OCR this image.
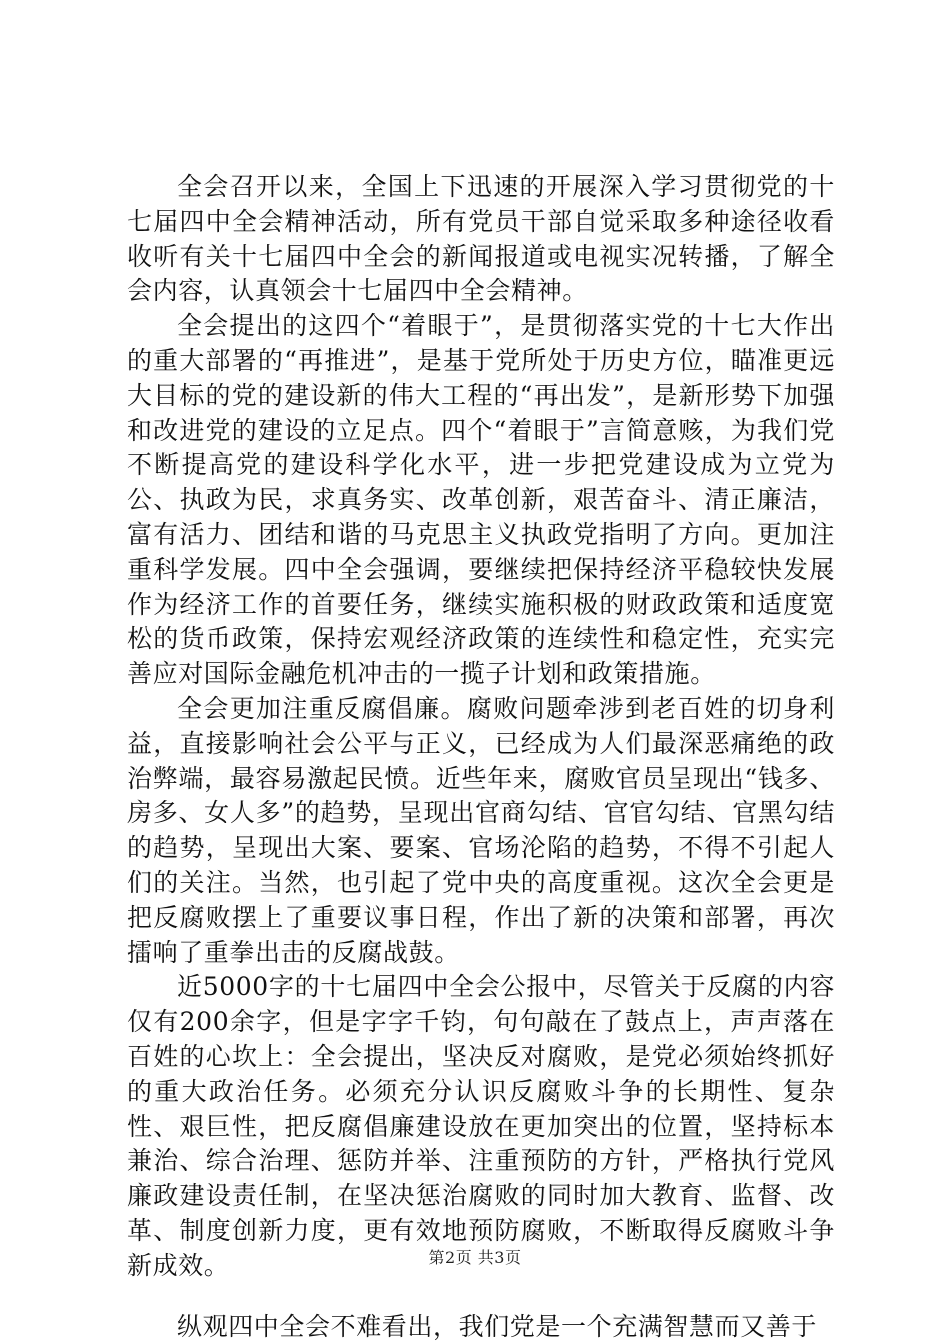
全会召开以来，全国上下迅速的开展深入学习贯彻党的十七届四中全会精神活动，所有党员干部自觉采取多种途径收看收听有关十七届四中全会的新闻报道或电视实况转播，了解全会内容，认真领会十七届四中全会精神。

全会提出的这四个“着眼于”，是贯彻落实党的十七大作出的重大部署的“再推进”，是基于党所处于历史方位，瞄准更远大目标的党的建设新的伟大工程的“再出发”，是新形势下加强和改进党的建设的立足点。四个“着眼于”言简意赅，为我们党不断提高党的建设科学化水平，进一步把党建设成为立党为公、执政为民，求真务实、改革创新，艰苦奋斗、清正廉洁，富有活力、团结和谐的马克思主义执政党指明了方向。更加注重科学发展。四中全会强调，要继续把保持经济平稳较快发展作为经济工作的首要任务，继续实施积极的财政政策和适度宽松的货币政策，保持宏观经济政策的连续性和稳定性，充实完善应对国际金融危机冲击的一揽子计划和政策措施。

全会更加注重反腐倡廉。腐败问题牵涉到老百姓的切身利益，直接影响社会公平与正义，已经成为人们最深恶痛绝的政治弊端，最容易激起民愤。近些年来，腐败官员呈现出“钱多、房多、女人多”的趋势，呈现出官商勾结、官官勾结、官黑勾结的趋势，呈现出大案、要案、官场沦陷的趋势，不得不引起人们的关注。当然，也引起了党中央的高度重视。这次全会更是把反腐败摆上了重要议事日程，作出了新的决策和部署，再次擂响了重拳出击的反腐战鼓。

近5000字的十七届四中全会公报中，尽管关于反腐的内容仅有200余字，但是字字千钧，句句敲在了鼓点上，声声落在百姓的心坎上：全会提出，坚决反对腐败，是党必须始终抓好的重大政治任务。必须充分认识反腐败斗争的长期性、复杂性、艰巨性，把反腐倡廉建设放在更加突出的位置，坚持标本兼治、综合治理、惩防并举、注重预防的方针，严格执行党风廉政建设责任制，在坚决惩治腐败的同时加大教育、监督、改革、制度创新力度，更有效地预防腐败，不断取得反腐败斗争新成效。

纵观四中全会不难看出，我们党是一个充满智慧而又善于

第2页 共3页
